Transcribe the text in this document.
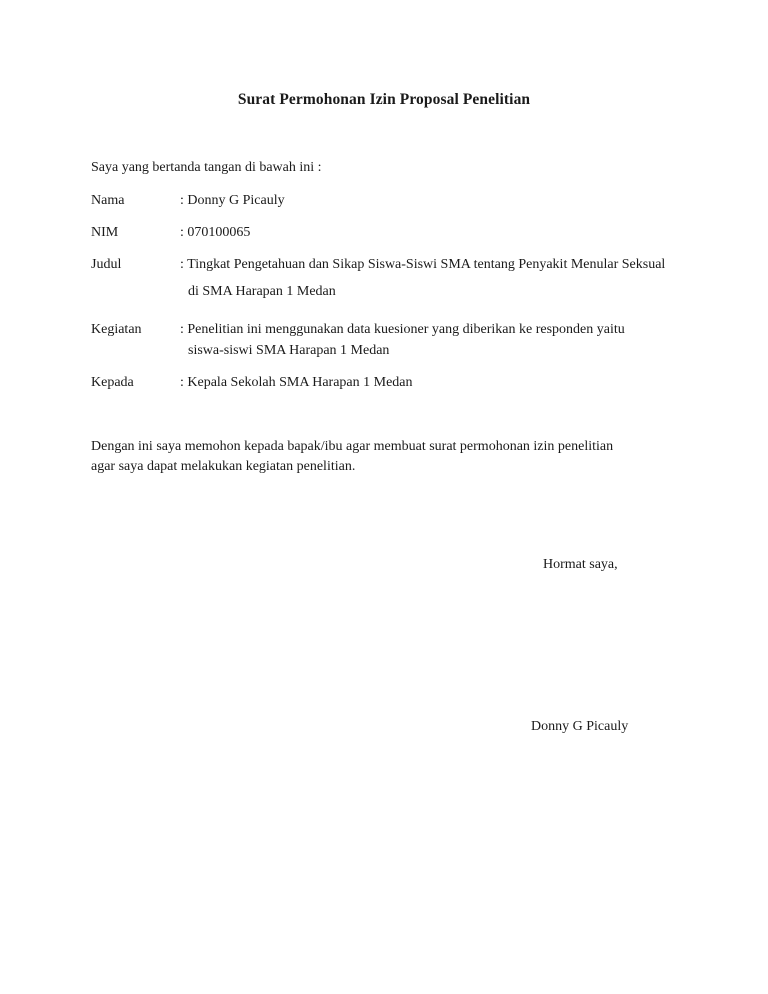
Surat Permohonan Izin Proposal Penelitian
Saya yang bertanda tangan di bawah ini :
Nama	: Donny G Picauly
NIM	: 070100065
Judul	: Tingkat Pengetahuan dan Sikap Siswa-Siswi SMA tentang Penyakit Menular Seksual
di SMA Harapan 1 Medan
Kegiatan	: Penelitian ini menggunakan data kuesioner yang diberikan ke responden yaitu
siswa-siswi SMA Harapan 1 Medan
Kepada	: Kepala Sekolah SMA Harapan 1 Medan
Dengan ini saya memohon kepada bapak/ibu agar membuat surat permohonan izin penelitian
agar saya dapat melakukan kegiatan penelitian.
Hormat saya,
Donny G Picauly
